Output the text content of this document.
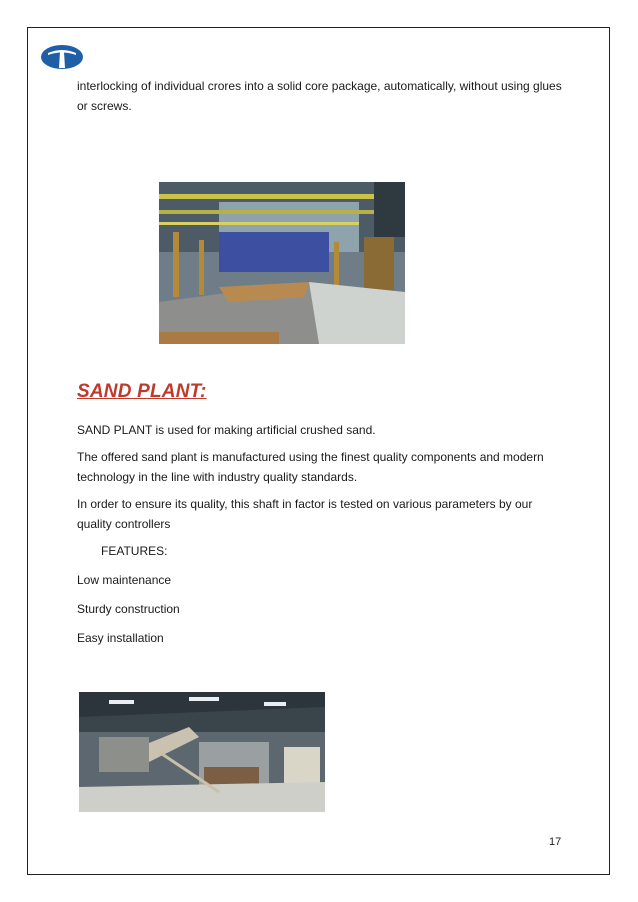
interlocking of individual crores into a solid core package, automatically, without using glues or screws.
SAND PLANT:
SAND PLANT is used for making artificial crushed sand.
The offered sand plant is manufactured using the finest quality components and modern technology in the line with industry quality standards.
In order to ensure its quality, this shaft in factor is tested on various parameters by our quality controllers
FEATURES:
Low maintenance
Sturdy construction
Easy installation
17
